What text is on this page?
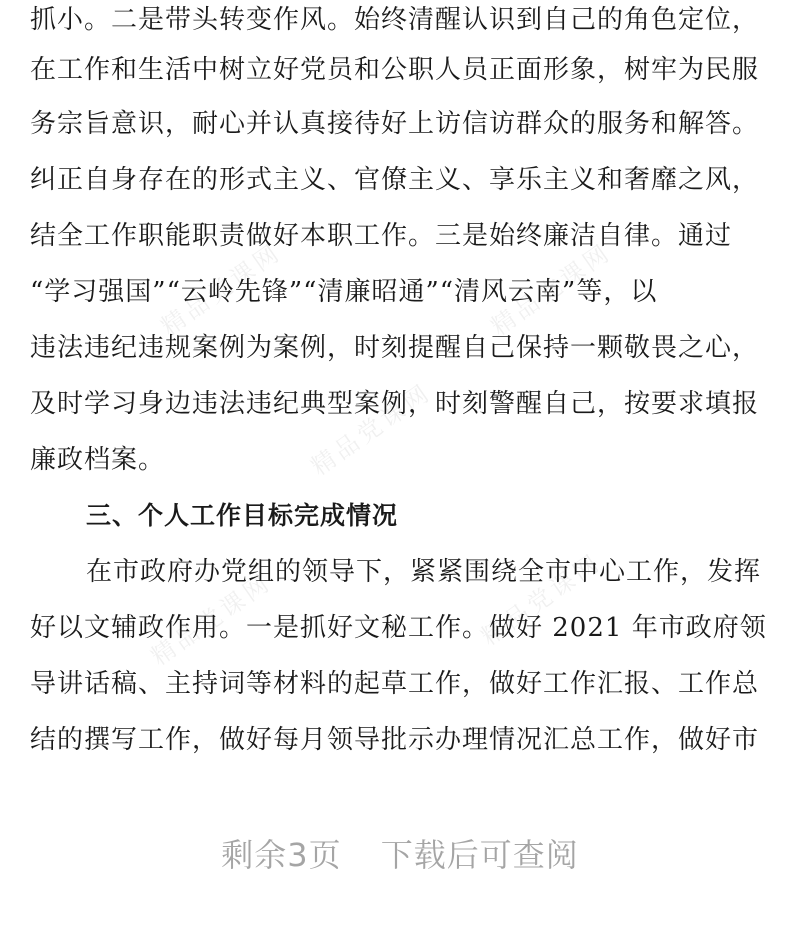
精品党课网	精品党课网
精品党课网
精品党课网	精品党课网
抓小。二是带头转变作风。始终清醒认识到自己的角色定位，
在工作和生活中树立好党员和公职人员正面形象，树牢为民服
务宗旨意识，耐心并认真接待好上访信访群众的服务和解答。
纠正自身存在的形式主义、官僚主义、享乐主义和奢靡之风，
结全工作职能职责做好本职工作。三是始终廉洁自律。通过
“学习强国”“云岭先锋”“清廉昭通”“清风云南”等，以
违法违纪违规案例为案例，时刻提醒自己保持一颗敬畏之心，
及时学习身边违法违纪典型案例，时刻警醒自己，按要求填报
廉政档案。
三、个人工作目标完成情况
在市政府办党组的领导下，紧紧围绕全市中心工作，发挥
好以文辅政作用。一是抓好文秘工作。做好 2021 年市政府领
导讲话稿、主持词等材料的起草工作，做好工作汇报、工作总
结的撰写工作，做好每月领导批示办理情况汇总工作，做好市
剩余3页 下载后可查阅
